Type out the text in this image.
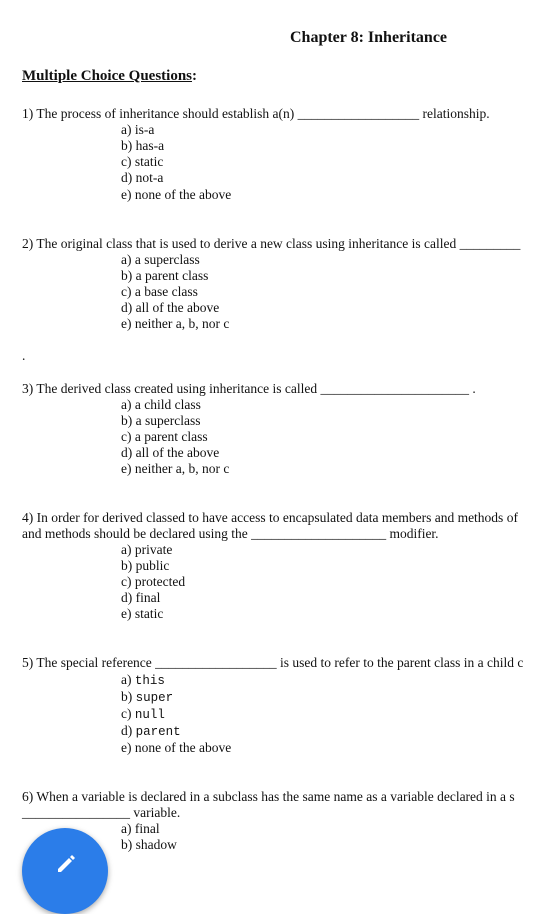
Chapter 8: Inheritance
Multiple Choice Questions:
1) The process of inheritance should establish a(n) __________________ relationship.
a) is-a
b) has-a
c) static
d) not-a
e) none of the above
2) The original class that is used to derive a new class using inheritance is called _________
a) a superclass
b) a parent class
c) a base class
d) all of the above
e) neither a, b, nor c
.
3) The derived class created using inheritance is called ______________________ .
a) a child class
b) a superclass
c) a parent class
d) all of the above
e) neither a, b, nor c
4) In order for derived classed to have access to encapsulated data members and methods of
and methods should be declared using the ____________________ modifier.
a) private
b) public
c) protected
d) final
e) static
5) The special reference __________________ is used to refer to the parent class in a child c
a) this
b) super
c) null
d) parent
e) none of the above
6) When a variable is declared in a subclass has the same name as a variable declared in a s
________________ variable.
a) final
b) shadow
